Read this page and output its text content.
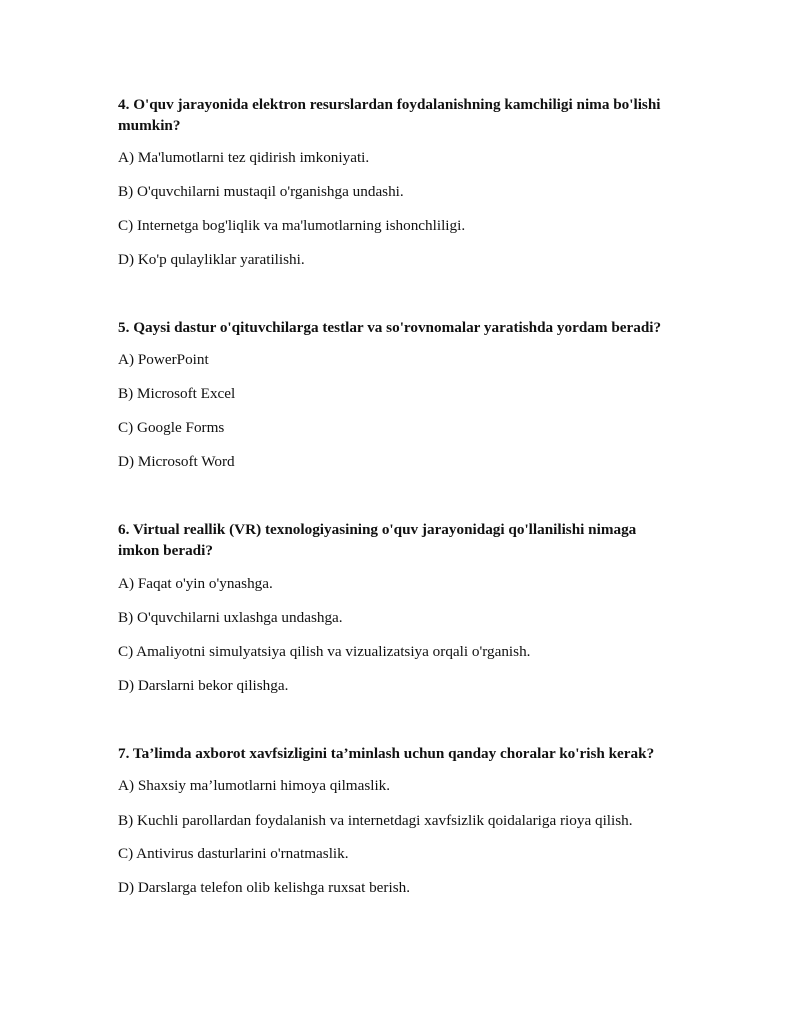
4. O'quv jarayonida elektron resurslardan foydalanishning kamchiligi nima bo'lishi mumkin?

A) Ma'lumotlarni tez qidirish imkoniyati.

B) O'quvchilarni mustaqil o'rganishga undashi.

C) Internetga bog'liqlik va ma'lumotlarning ishonchliligi.

D) Ko'p qulayliklar yaratilishi.

5. Qaysi dastur o'qituvchilarga testlar va so'rovnomalar yaratishda yordam beradi?

A) PowerPoint

B) Microsoft Excel

C) Google Forms

D) Microsoft Word

6. Virtual reallik (VR) texnologiyasining o'quv jarayonidagi qo'llanilishi nimaga imkon beradi?

A) Faqat o'yin o'ynashga.

B) O'quvchilarni uxlashga undashga.

C) Amaliyotni simulyatsiya qilish va vizualizatsiya orqali o'rganish.

D) Darslarni bekor qilishga.

7. Ta’limda axborot xavfsizligini ta’minlash uchun qanday choralar ko'rish kerak?

A) Shaxsiy ma’lumotlarni himoya qilmaslik.

B) Kuchli parollardan foydalanish va internetdagi xavfsizlik qoidalariga rioya qilish.

C) Antivirus dasturlarini o'rnatmaslik.

D) Darslarga telefon olib kelishga ruxsat berish.
